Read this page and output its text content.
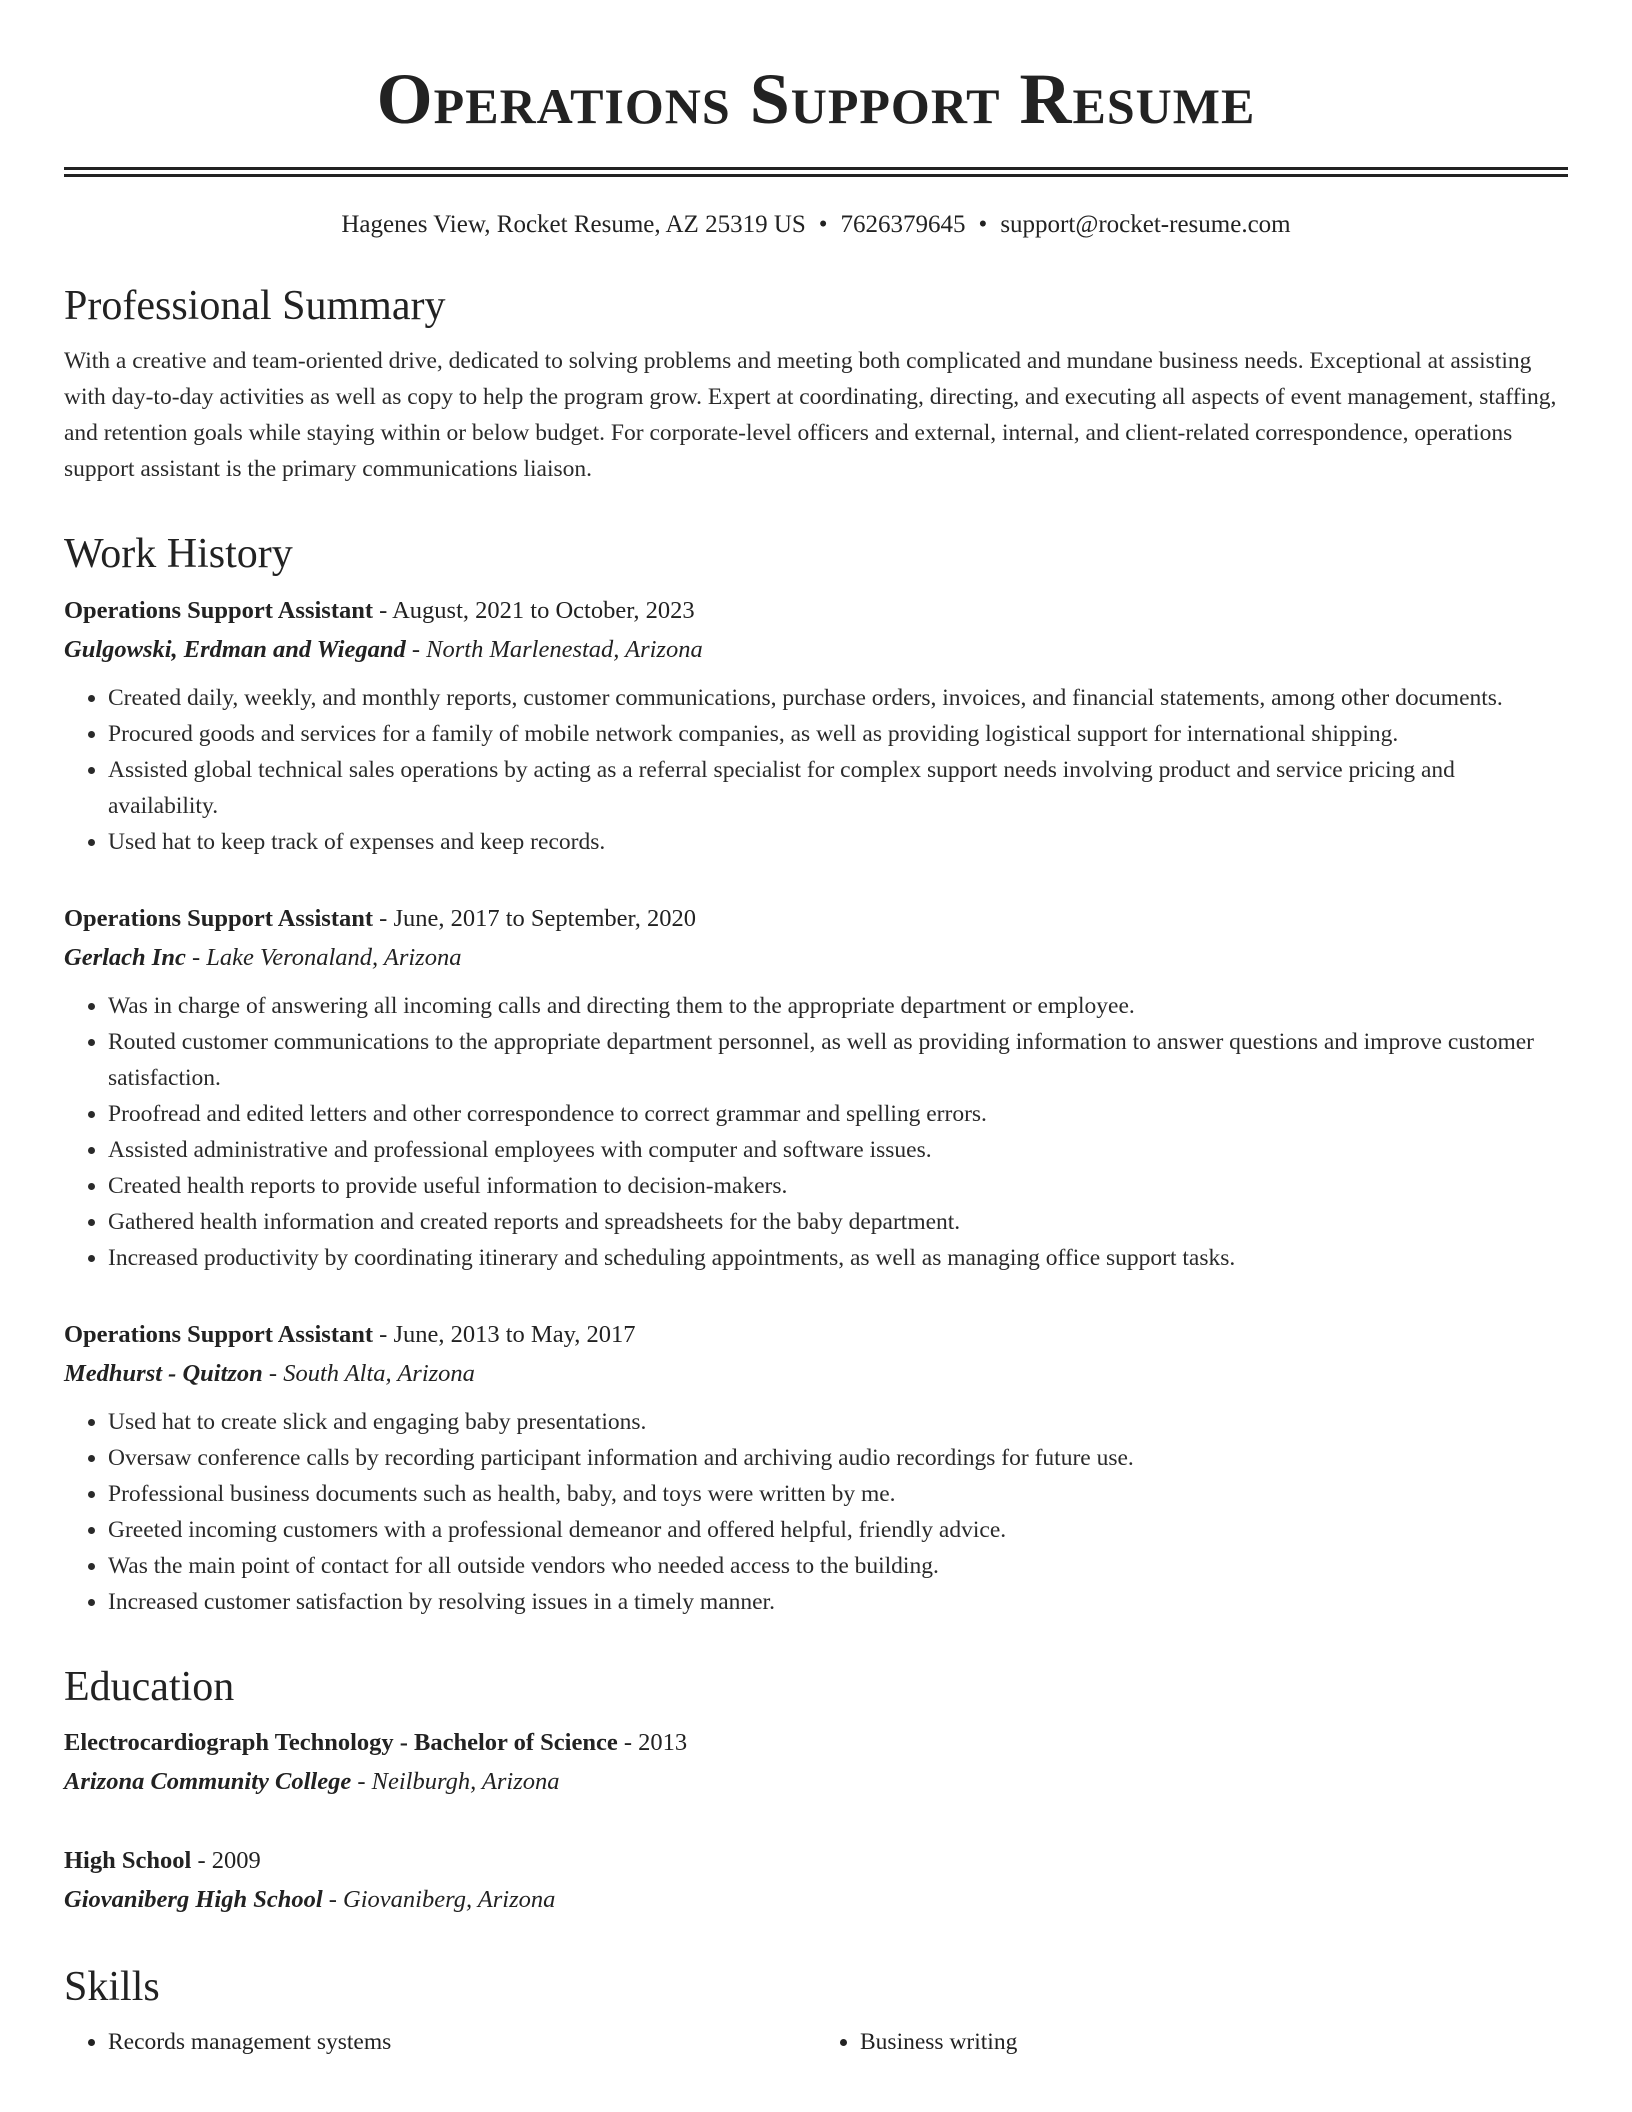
Operations Support Resume
Hagenes View, Rocket Resume, AZ 25319 US • 7626379645 • support@rocket-resume.com
Professional Summary

With a creative and team-oriented drive, dedicated to solving problems and meeting both complicated and mundane business needs. Exceptional at assisting with day-to-day activities as well as copy to help the program grow. Expert at coordinating, directing, and executing all aspects of event management, staffing, and retention goals while staying within or below budget. For corporate-level officers and external, internal, and client-related correspondence, operations support assistant is the primary communications liaison.

Work History
Operations Support Assistant - August, 2021 to October, 2023
Gulgowski, Erdman and Wiegand - North Marlenestad, Arizona
• Created daily, weekly, and monthly reports, customer communications, purchase orders, invoices, and financial statements, among other documents.
• Procured goods and services for a family of mobile network companies, as well as providing logistical support for international shipping.
• Assisted global technical sales operations by acting as a referral specialist for complex support needs involving product and service pricing and availability.
• Used hat to keep track of expenses and keep records.
Operations Support Assistant - June, 2017 to September, 2020
Gerlach Inc - Lake Veronaland, Arizona
• Was in charge of answering all incoming calls and directing them to the appropriate department or employee.
• Routed customer communications to the appropriate department personnel, as well as providing information to answer questions and improve customer satisfaction.
• Proofread and edited letters and other correspondence to correct grammar and spelling errors.
• Assisted administrative and professional employees with computer and software issues.
• Created health reports to provide useful information to decision-makers.
• Gathered health information and created reports and spreadsheets for the baby department.
• Increased productivity by coordinating itinerary and scheduling appointments, as well as managing office support tasks.
Operations Support Assistant - June, 2013 to May, 2017
Medhurst - Quitzon - South Alta, Arizona
• Used hat to create slick and engaging baby presentations.
• Oversaw conference calls by recording participant information and archiving audio recordings for future use.
• Professional business documents such as health, baby, and toys were written by me.
• Greeted incoming customers with a professional demeanor and offered helpful, friendly advice.
• Was the main point of contact for all outside vendors who needed access to the building.
• Increased customer satisfaction by resolving issues in a timely manner.
Education
Electrocardiograph Technology - Bachelor of Science - 2013
Arizona Community College - Neilburgh, Arizona
High School - 2009
Giovaniberg High School - Giovaniberg, Arizona
Skills
• Records management systems
•	Business writing
